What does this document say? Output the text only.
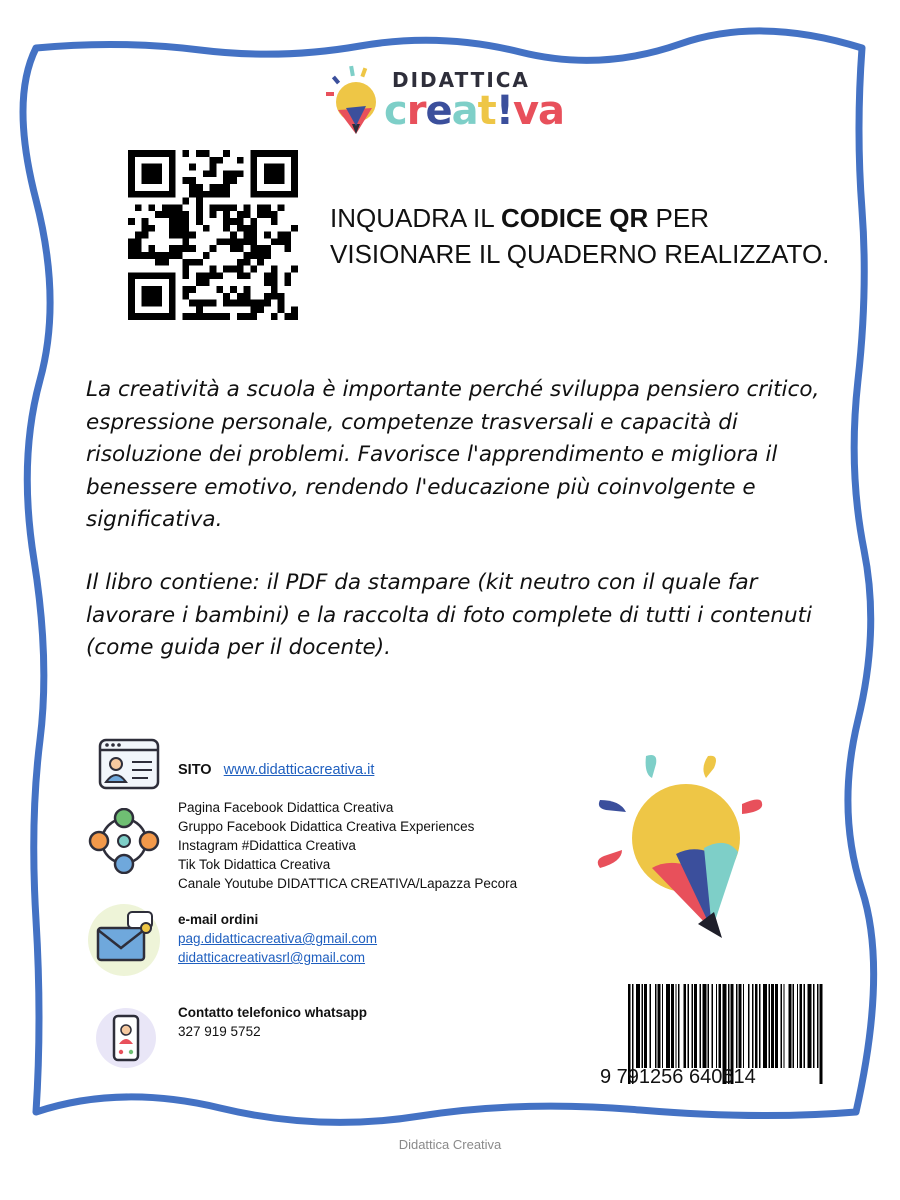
DIDATTICA
creat!va
INQUADRA IL CODICE QR PER
VISIONARE IL QUADERNO REALIZZATO.

La creatività a scuola è importante perché sviluppa pensiero critico, espressione personale, competenze trasversali e capacità di risoluzione dei problemi. Favorisce l'apprendimento e migliora il benessere emotivo, rendendo l'educazione più coinvolgente e significativa.

Il libro contiene: il PDF da stampare (kit neutro con il quale far lavorare i bambini) e la raccolta di foto complete di tutti i contenuti (come guida per il docente).

SITO www.didatticacreativa.it
Pagina Facebook Didattica Creativa
Gruppo Facebook Didattica Creativa Experiences
Instagram #Didattica Creativa
Tik Tok Didattica Creativa
Canale Youtube DIDATTICA CREATIVA/Lapazza Pecora
e-mail ordini
pag.didatticacreativa@gmail.com
didatticacreativasrl@gmail.com
Contatto telefonico whatsapp
327 919 5752
9 791256 640614
Didattica Creativa
